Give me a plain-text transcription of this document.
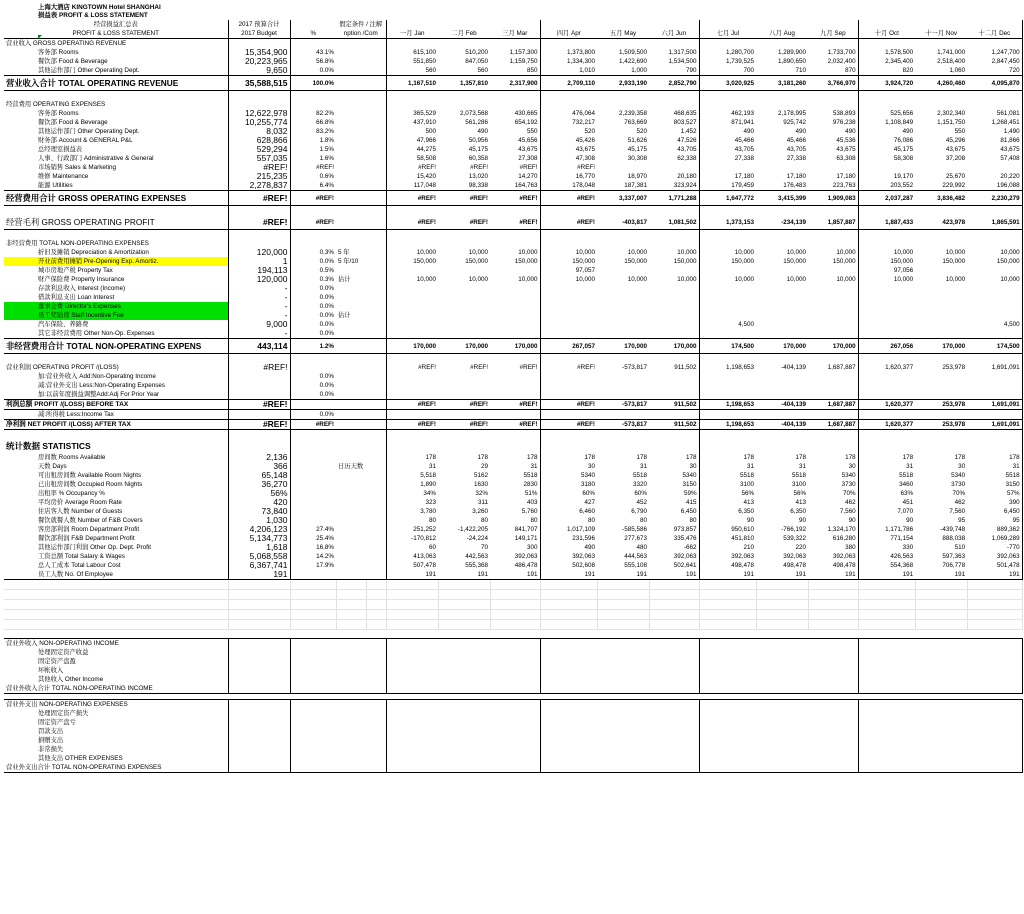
上海大酒店 KINGTOWN Hotel SHANGHAI
损益表 PROFIT & LOSS STATEMENT
经营损益汇总表	2017 预算合计		假定条件 / 注解													
PROFIT & LOSS STATEMENT	2017 Budget	%	nption /Com		一月 Jan	二月 Feb	三月 Mar	四月 Apr	五月 May	六月 Jun	七月 Jul	八月 Aug	九月 Sep	十月 Oct	十一月 Nov	十二月 Dec
营业收入 GROSS OPERATING REVENUE																
客务部 Rooms	15,354,900	43.1%			615,100	510,200	1,157,300	1,373,800	1,509,500	1,317,500	1,280,700	1,289,900	1,733,700	1,578,500	1,741,000	1,247,700
餐饮部 Food & Beverage	20,223,965	56.8%			551,850	847,050	1,159,750	1,334,300	1,422,690	1,534,500	1,739,525	1,890,650	2,032,400	2,345,400	2,518,400	2,847,450
其他运作部门 Other Operating Dept.	9,650	0.0%			560	560	850	1,010	1,000	790	700	710	870	820	1,060	720
营业收入合计 TOTAL OPERATING REVENUE	35,588,515	100.0%			1,167,510	1,357,810	2,317,900	2,709,110	2,933,190	2,852,790	3,020,925	3,181,260	3,766,970	3,924,720	4,260,460	4,095,870

经营费用 OPERATING EXPENSES																
客务部 Rooms	12,622,978	82.2%			365,529	2,073,568	430,665	476,064	2,239,358	468,635	462,193	2,178,995	538,893	525,656	2,302,340	561,081
餐饮部 Food & Beverage	10,255,774	66.8%			437,910	561,286	654,192	732,217	763,669	803,527	871,941	925,742	976,238	1,108,849	1,151,750	1,268,451
其他运作部门 Other Operating Dept.	8,032	83.2%			500	490	550	520	520	1,452	490	490	490	490	550	1,490
财务部 Account & GENERAL P&L	628,866	1.8%			47,966	50,956	45,656	45,426	51,626	47,526	45,466	45,466	45,536	76,086	45,296	81,866
总经理室损益表	529,294	1.5%			44,275	45,175	43,675	43,675	45,175	43,705	43,705	43,705	43,675	45,175	43,675	43,675
人事、行政部门 Administrative & General	557,035	1.6%			58,508	60,358	27,308	47,308	30,308	62,338	27,338	27,338	63,308	58,308	37,208	57,408
市场销售 Sales & Marketing	#REF!	#REF!			#REF!	#REF!	#REF!	#REF!								
维修 Maintenance	215,235	0.6%			15,420	13,020	14,270	16,770	18,970	20,180	17,180	17,180	17,180	19,170	25,670	20,220
能源 Utilities	2,278,837	6.4%			117,048	98,338	164,763	178,048	187,381	323,924	179,459	176,483	223,763	203,552	229,992	196,088
经营费用合计 GROSS OPERATING EXPENSES	#REF!	#REF!			#REF!	#REF!	#REF!	#REF!	3,337,007	1,771,288	1,647,772	3,415,399	1,909,083	2,037,287	3,836,482	2,230,279

经营毛利 GROSS OPERATING PROFIT	#REF!	#REF!			#REF!	#REF!	#REF!	#REF!	-403,817	1,081,502	1,373,153	-234,139	1,857,887	1,887,433	423,978	1,865,591

非经营费用 TOTAL NON-OPERATING EXPENSES																
折旧及摊销 Depreciation & Amortization	120,000	0.3%	5 年		10,000	10,000	10,000	10,000	10,000	10,000	10,000	10,000	10,000	10,000	10,000	10,000
开业前费用摊销 Pre-Opening Exp. Amortiz.	1	0.0%	5 年/10		150,000	150,000	150,000	150,000	150,000	150,000	150,000	150,000	150,000	150,000	150,000	150,000
城市房地产税 Property Tax	194,113	0.5%						97,057						97,056		
财产保险费 Property Insurance	120,000	0.3%	估计		10,000	10,000	10,000	10,000	10,000	10,000	10,000	10,000	10,000	10,000	10,000	10,000
存款利息收入 Interest (Income)	-	0.0%														
借款利息支出 Loan Interest	-	0.0%														
董事会费 Director's Expenses	-	0.0%														
员工奖励费 Staff Incentive Fee	-	0.0%	估计													
汽车保险、养路费	9,000	0.0%									4,500					4,500
其它非经营费用 Other Non-Op. Expenses	-	0.0%														
非经营费用合计 TOTAL NON-OPERATING EXPENS	443,114	1.2%			170,000	170,000	170,000	267,057	170,000	170,000	174,500	170,000	170,000	267,056	170,000	174,500

营业利润 OPERATING PROFIT /(LOSS)	#REF!				#REF!	#REF!	#REF!	#REF!	-573,817	911,502	1,198,653	-404,139	1,687,887	1,620,377	253,978	1,691,091
加:营业外收入 Add:Non-Operating Income		0.0%														
减:营业外支出 Less:Non-Operating Expenses		0.0%														
加:以前年度损益调整Add:Adj For Prior Year		0.0%														
利润总额 PROFIT /(LOSS) BEFORE TAX	#REF!				#REF!	#REF!	#REF!	#REF!	-573,817	911,502	1,198,653	-404,139	1,687,887	1,620,377	253,978	1,691,091
减:所得税 Less:Income Tax		0.0%														
净利润 NET PROFIT /(LOSS) AFTER TAX	#REF!	#REF!			#REF!	#REF!	#REF!	#REF!	-573,817	911,502	1,198,653	-404,139	1,687,887	1,620,377	253,978	1,691,091

统计数据 STATISTICS																
房间数 Rooms Available	2,136				178	178	178	178	178	178	178	178	178	178	178	178
天数 Days	366		日历天数		31	29	31	30	31	30	31	31	30	31	30	31
可出租房间数 Available Room Nights	65,148				5,518	5162	5518	5340	5518	5340	5518	5518	5340	5518	5340	5518
已出租房间数 Occupied Room Nights	36,270				1,890	1630	2830	3180	3320	3150	3100	3100	3730	3460	3730	3150
出租率 % Occupancy %	56%				34%	32%	51%	60%	60%	59%	56%	56%	70%	63%	70%	57%
平均房价 Average Room Rate	420				323	311	403	427	452	415	413	413	462	451	462	390
住店客人数 Number of Guests	73,840				3,780	3,260	5,760	6,460	6,790	6,450	6,350	6,350	7,560	7,070	7,560	6,450
餐饮就餐人数 Number of F&B Covers	1,030				80	80	80	80	80	80	90	90	90	90	95	95
客房部利润 Room Department Profit	4,206,123	27.4%			251,252	-1,422,205	841,707	1,017,109	-585,586	973,857	950,610	-766,192	1,324,170	1,171,786	-439,748	889,362
餐饮部利润 F&B Department Profit	5,134,773	25.4%			-170,812	-24,224	149,171	231,596	277,673	335,476	451,810	539,322	616,280	771,154	888,038	1,069,289
其他运作部门利润 Other Op. Dept. Profit	1,618	16.8%			60	70	300	490	480	-662	210	220	380	330	510	-770
工资总额 Total Salary & Wages	5,068,558	14.2%			413,063	442,563	392,063	392,063	444,563	392,063	392,063	392,063	392,063	426,563	597,363	392,063
总人工成本 Total Labour Cost	6,367,741	17.9%			507,478	555,368	486,478	502,608	555,108	502,641	498,478	498,478	498,478	554,368	706,778	501,478
员工人数 No. Of Employee	191				191	191	191	191	191	191	191	191	191	191	191	191

营业外收入 NON-OPERATING INCOME																
处理固定资产收益																
固定资产盘盈																
坏帐收入																
其他收入 Other Income																
营业外收入合计 TOTAL NON-OPERATING INCOME																

营业外支出 NON-OPERATING EXPENSES																
处理固定资产损失																
固定资产盘亏																
罚款支出																
捐赠支出																
非常损失																
其他支出 OTHER EXPENSES																
营业外支出合计 TOTAL NON-OPERATING EXPENSES																
